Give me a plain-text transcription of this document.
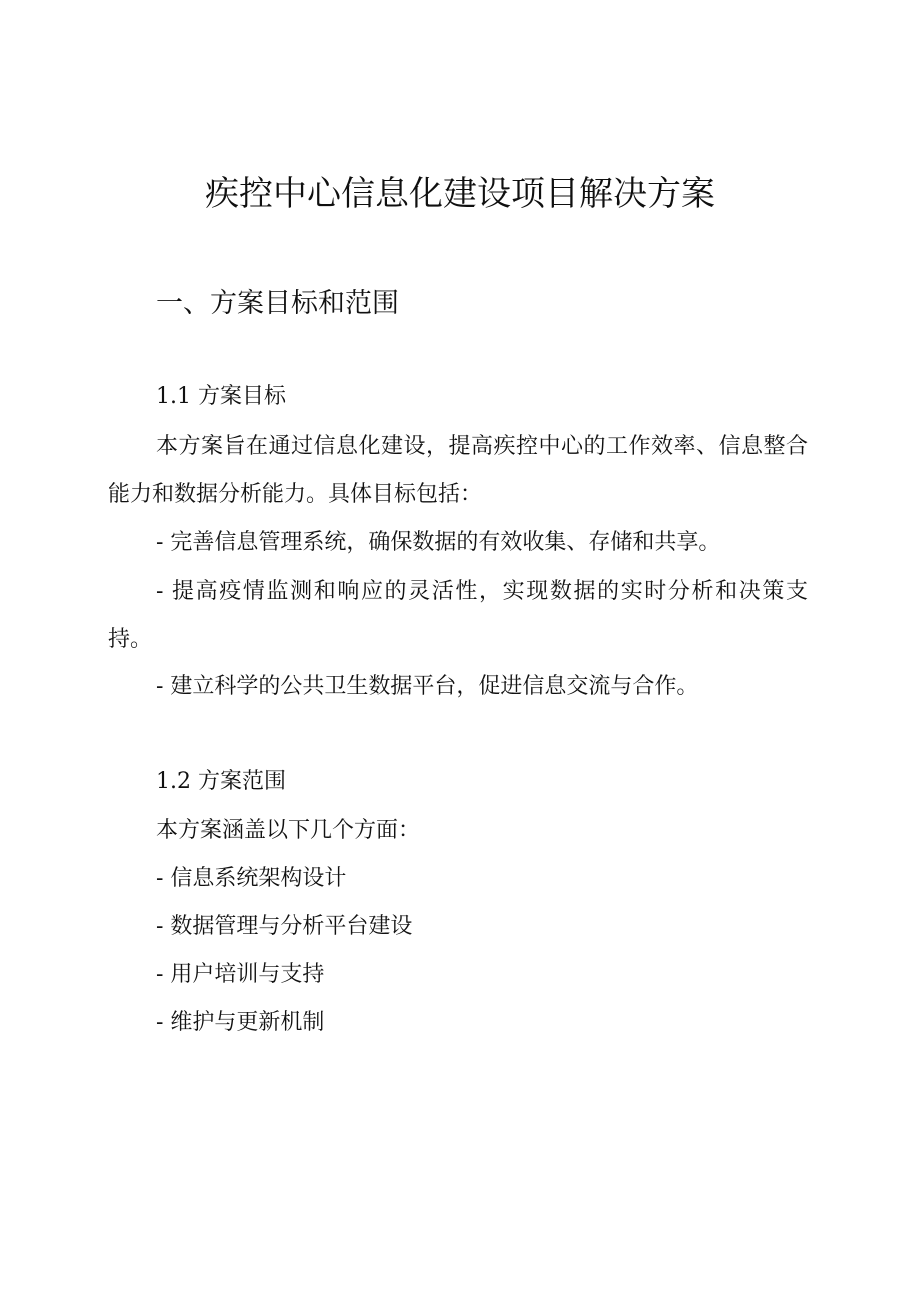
疾控中心信息化建设项目解决方案
一、方案目标和范围
1.1 方案目标

本方案旨在通过信息化建设，提高疾控中心的工作效率、信息整合能力和数据分析能力。具体目标包括：

- 完善信息管理系统，确保数据的有效收集、存储和共享。

- 提高疫情监测和响应的灵活性，实现数据的实时分析和决策支持。

- 建立科学的公共卫生数据平台，促进信息交流与合作。
1.2 方案范围
本方案涵盖以下几个方面：
- 信息系统架构设计
- 数据管理与分析平台建设
- 用户培训与支持
- 维护与更新机制
